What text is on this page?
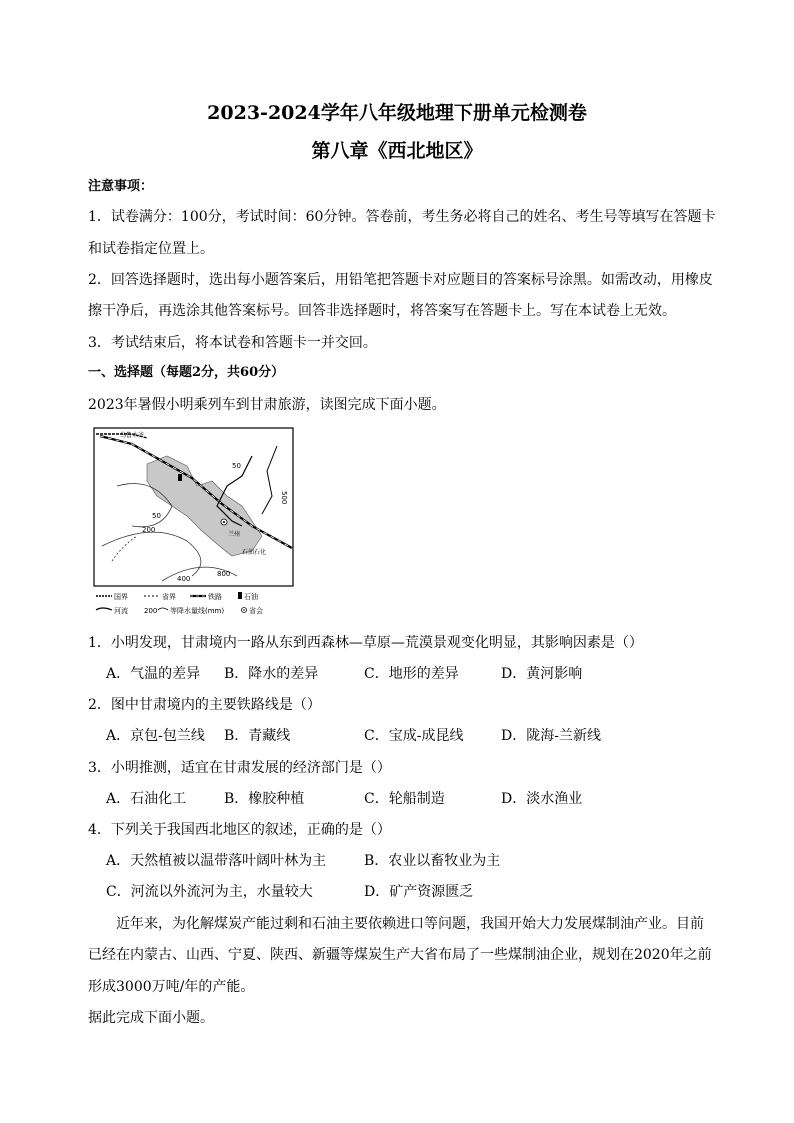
2023-2024学年八年级地理下册单元检测卷
第八章《西北地区》
注意事项：
1．试卷满分：100分，考试时间：60分钟。答卷前，考生务必将自己的姓名、考生号等填写在答题卡
和试卷指定位置上。
2．回答选择题时，选出每小题答案后，用铅笔把答题卡对应题目的答案标号涂黑。如需改动，用橡皮
擦干净后，再选涂其他答案标号。回答非选择题时，将答案写在答题卡上。写在本试卷上无效。
3．考试结束后，将本试卷和答题卡一并交回。
一、选择题（每题2分，共60分）
2023年暑假小明乘列车到甘肃旅游，读图完成下面小题。
乌鲁木齐
兰州
石油石化
50
50
200
400
800
500
国界	省界	铁路	石油
河流 200 等降水量线(mm)	省会
1．小明发现，甘肃境内一路从东到西森林—草原—荒漠景观变化明显，其影响因素是（）
A．气温的差异 B．降水的差异	C．地形的差异	D．黄河影响
2．图中甘肃境内的主要铁路线是（）
A．京包-包兰线 B．青藏线	C．宝成-成昆线	D．陇海-兰新线
3．小明推测，适宜在甘肃发展的经济部门是（）
A．石油化工	B．橡胶种植	C．轮船制造	D．淡水渔业
4．下列关于我国西北地区的叙述，正确的是（）
A．天然植被以温带落叶阔叶林为主	B．农业以畜牧业为主
C．河流以外流河为主，水量较大	D．矿产资源匮乏
近年来，为化解煤炭产能过剩和石油主要依赖进口等问题，我国开始大力发展煤制油产业。目前
已经在内蒙古、山西、宁夏、陕西、新疆等煤炭生产大省布局了一些煤制油企业，规划在2020年之前
形成3000万吨/年的产能。
据此完成下面小题。
